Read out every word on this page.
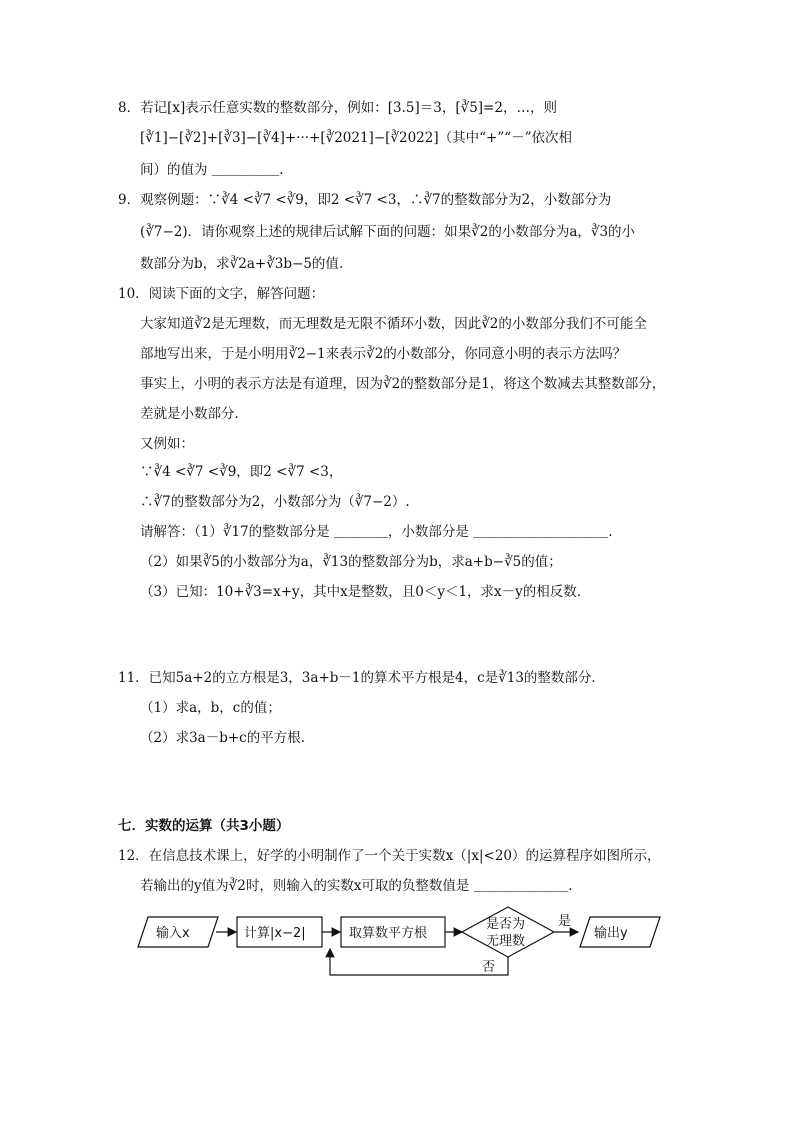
8．若记[x]表示任意实数的整数部分，例如：[3.5]＝3，[∛5]=2，…，则
[∛1]−[∛2]+[∛3]−[∛4]+···+[∛2021]−[∛2022]（其中“+”“－”依次相
间）的值为 ＿＿＿＿＿.
9．观察例题：∵∛4 <∛7 <∛9，即2 <∛7 <3，∴∛7的整数部分为2，小数部分为
(∛7−2)．请你观察上述的规律后试解下面的问题：如果∛2的小数部分为a，∛3的小
数部分为b，求∛2a+∛3b−5的值.
10．阅读下面的文字，解答问题：
大家知道∛2是无理数，而无理数是无限不循环小数，因此∛2的小数部分我们不可能全
部地写出来，于是小明用∛2−1来表示∛2的小数部分，你同意小明的表示方法吗？
事实上，小明的表示方法是有道理，因为∛2的整数部分是1，将这个数减去其整数部分，
差就是小数部分.
又例如：
∵∛4 <∛7 <∛9，即2 <∛7 <3，
∴∛7的整数部分为2，小数部分为（∛7−2）.
请解答：（1）∛17的整数部分是 ＿＿＿＿，小数部分是 ＿＿＿＿＿＿＿＿＿＿.
（2）如果∛5的小数部分为a，∛13的整数部分为b，求a+b−∛5的值；
（3）已知：10+∛3=x+y，其中x是整数，且0＜y＜1，求x－y的相反数.
11．已知5a+2的立方根是3，3a+b－1的算术平方根是4，c是∛13的整数部分.
（1）求a，b，c的值；
（2）求3a－b+c的平方根.
七．实数的运算（共3小题）
12．在信息技术课上，好学的小明制作了一个关于实数x（|x|<20）的运算程序如图所示，
若输出的y值为∛2时，则输入的实数x可取的负整数值是 ＿＿＿＿＿＿＿.
输入x	计算|x−2|	取算数平方根
是否为
无理数
是
输出y
否
